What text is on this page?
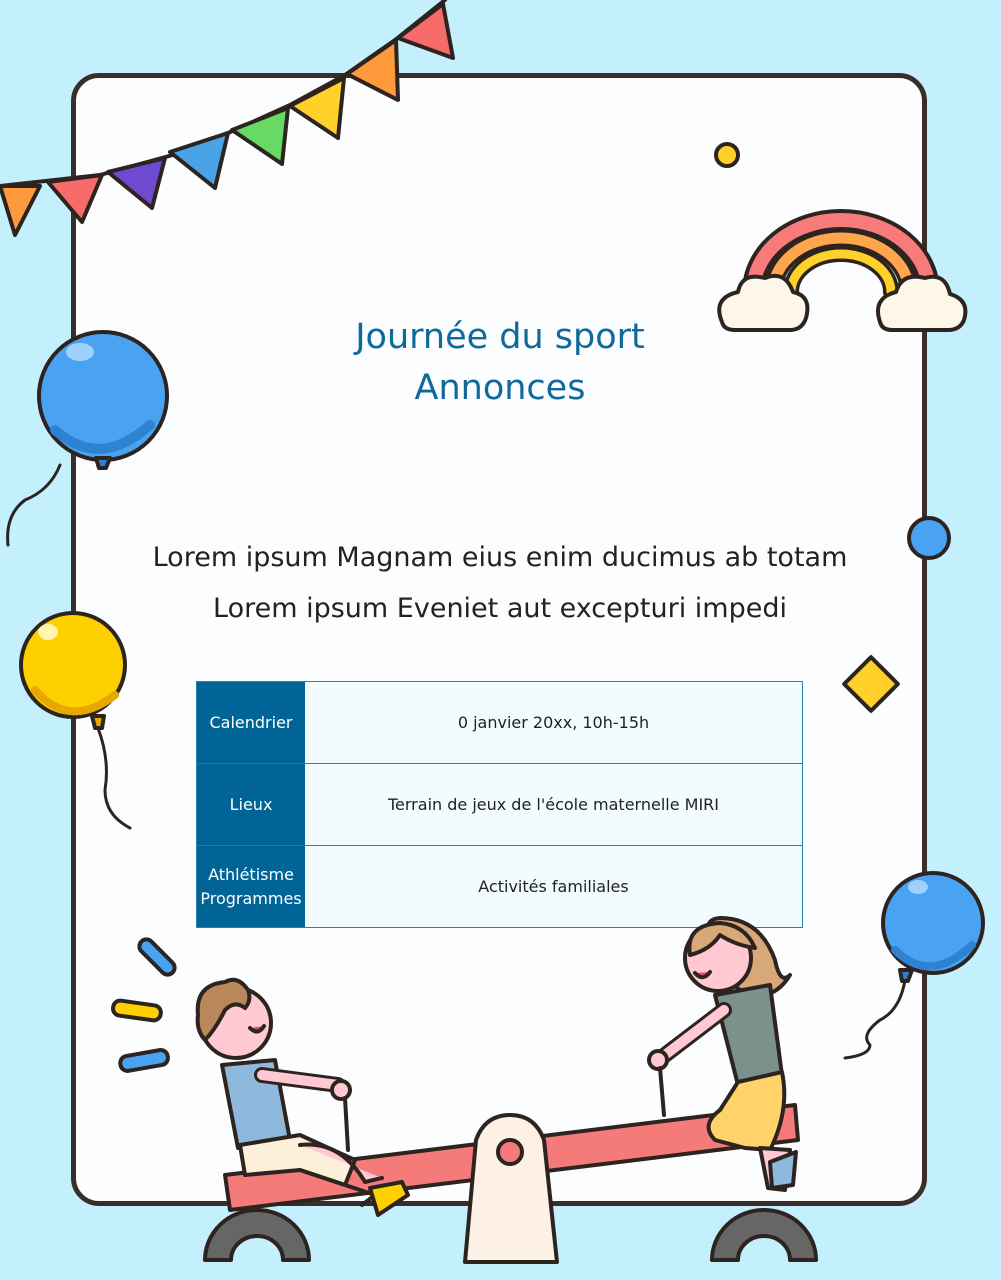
Journée du sport
Annonces
Lorem ipsum Magnam eius enim ducimus ab totam
Lorem ipsum Eveniet aut excepturi impedi
Calendrier	0 janvier 20xx, 10h-15h

Lieux	Terrain de jeux de l'école maternelle MIRI

Athlétisme
Programmes	Activités familiales
